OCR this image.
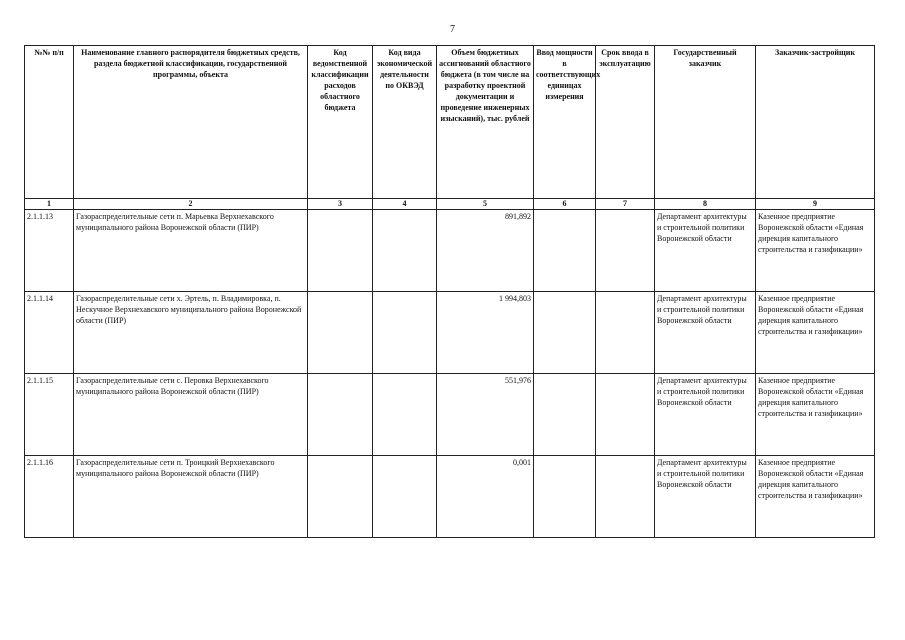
7
№№ п/п	Наименование главного распорядителя бюджетных средств, раздела бюджетной классификации, государственной программы, объекта	Код ведомственной классификации расходов областного бюджета	Код вида экономической деятельности по ОКВЭД	Объем бюджетных ассигнований областного бюджета (в том числе на разработку проектной документации и проведение инженерных изысканий), тыс. рублей	Ввод мощности в соответствующих единицах измерения	Срок ввода в эксплуатацию	Государственный заказчик	Заказчик-застройщик
1	2	3	4	5	6	7	8	9
2.1.1.13	Газораспределительные сети п. Марьевка Верхнехавского муниципального района Воронежской области (ПИР)			891,892			Департамент архитектуры и строительной политики Воронежской области	Казенное предприятие Воронежской области «Единая дирекция капитального строительства и газификации»
2.1.1.14	Газораспределительные сети х. Эртель, п. Владимировка, п. Нескучное Верхнехавского муниципального района Воронежской области (ПИР)			1 994,803			Департамент архитектуры и строительной политики Воронежской области	Казенное предприятие Воронежской области «Единая дирекция капитального строительства и газификации»
2.1.1.15	Газораспределительные сети с. Перовка Верхнехавского муниципального района Воронежской области (ПИР)			551,976			Департамент архитектуры и строительной политики Воронежской области	Казенное предприятие Воронежской области «Единая дирекция капитального строительства и газификации»
2.1.1.16	Газораспределительные сети п. Троицкий Верхнехавского муниципального района Воронежской области (ПИР)			0,001			Департамент архитектуры и строительной политики Воронежской области	Казенное предприятие Воронежской области «Единая дирекция капитального строительства и газификации»
